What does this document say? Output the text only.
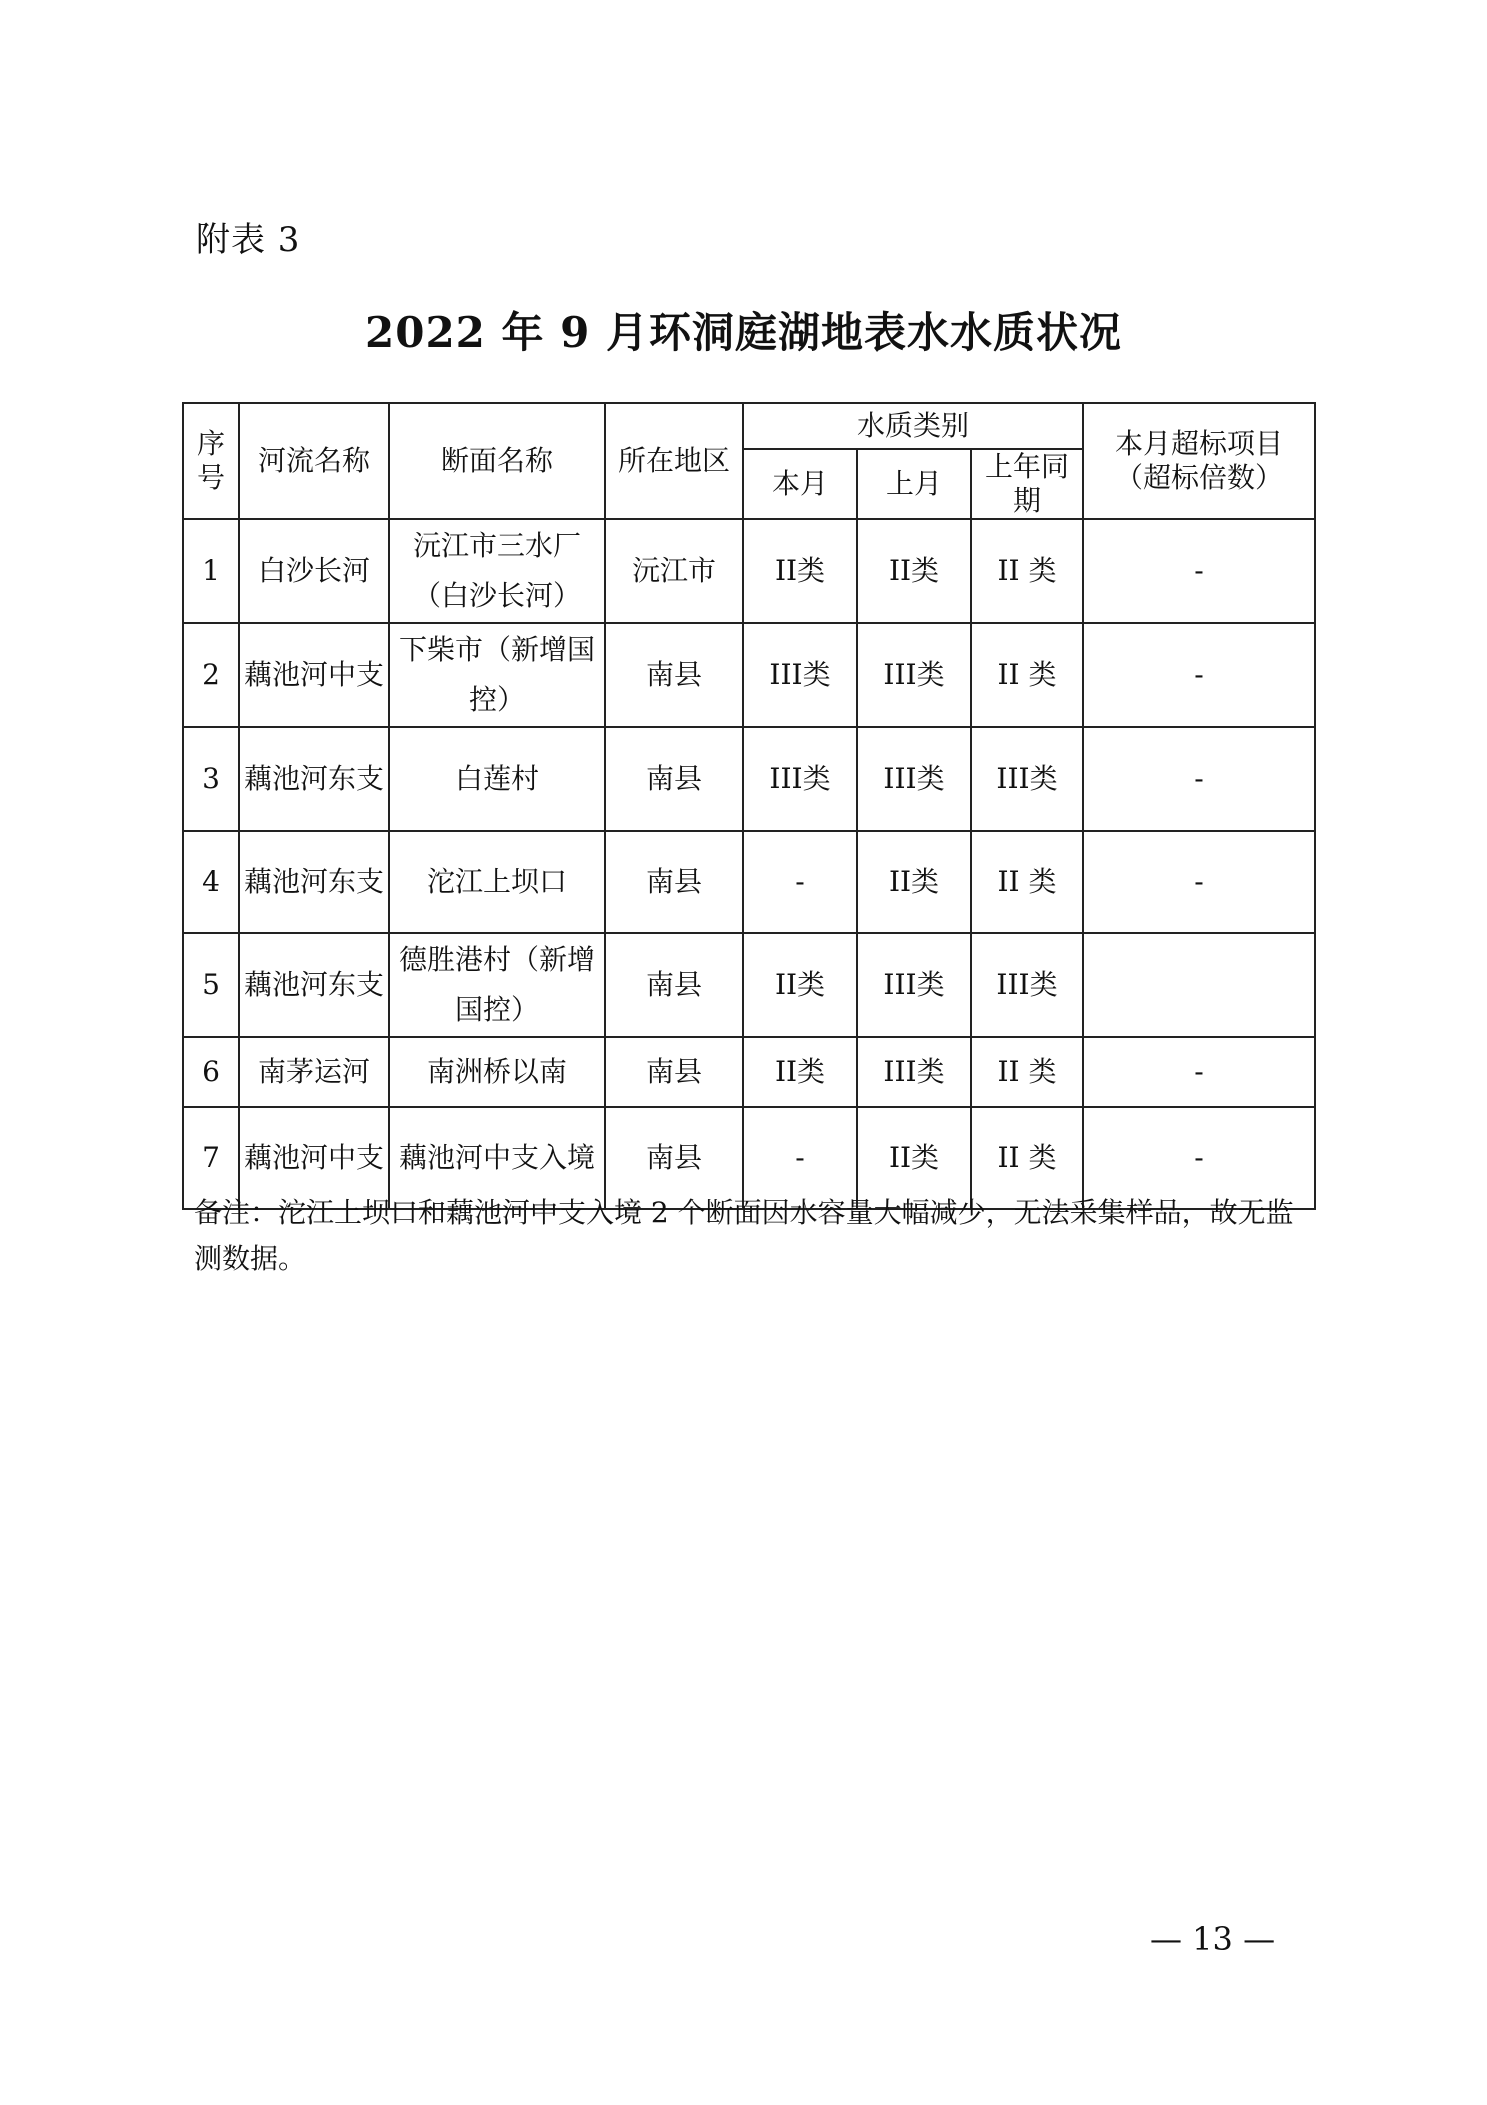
附表 3
2022 年 9 月环洞庭湖地表水水质状况
序号	河流名称	断面名称	所在地区	水质类别			本月超标项目（超标倍数）
				本月	上月	上年同期	
1	白沙长河	沅江市三水厂（白沙长河）	沅江市	II类	II类	II 类	-
2	藕池河中支	下柴市（新增国控）	南县	III类	III类	II 类	-
3	藕池河东支	白莲村	南县	III类	III类	III类	-
4	藕池河东支	沱江上坝口	南县	-	II类	II 类	-
5	藕池河东支	德胜港村（新增国控）	南县	II类	III类	III类	
6	南茅运河	南洲桥以南	南县	II类	III类	II 类	-
7	藕池河中支	藕池河中支入境	南县	-	II类	II 类	-
备注：沱江上坝口和藕池河中支入境 2 个断面因水容量大幅减少，无法采集样品，故无监测数据。
— 13 —
